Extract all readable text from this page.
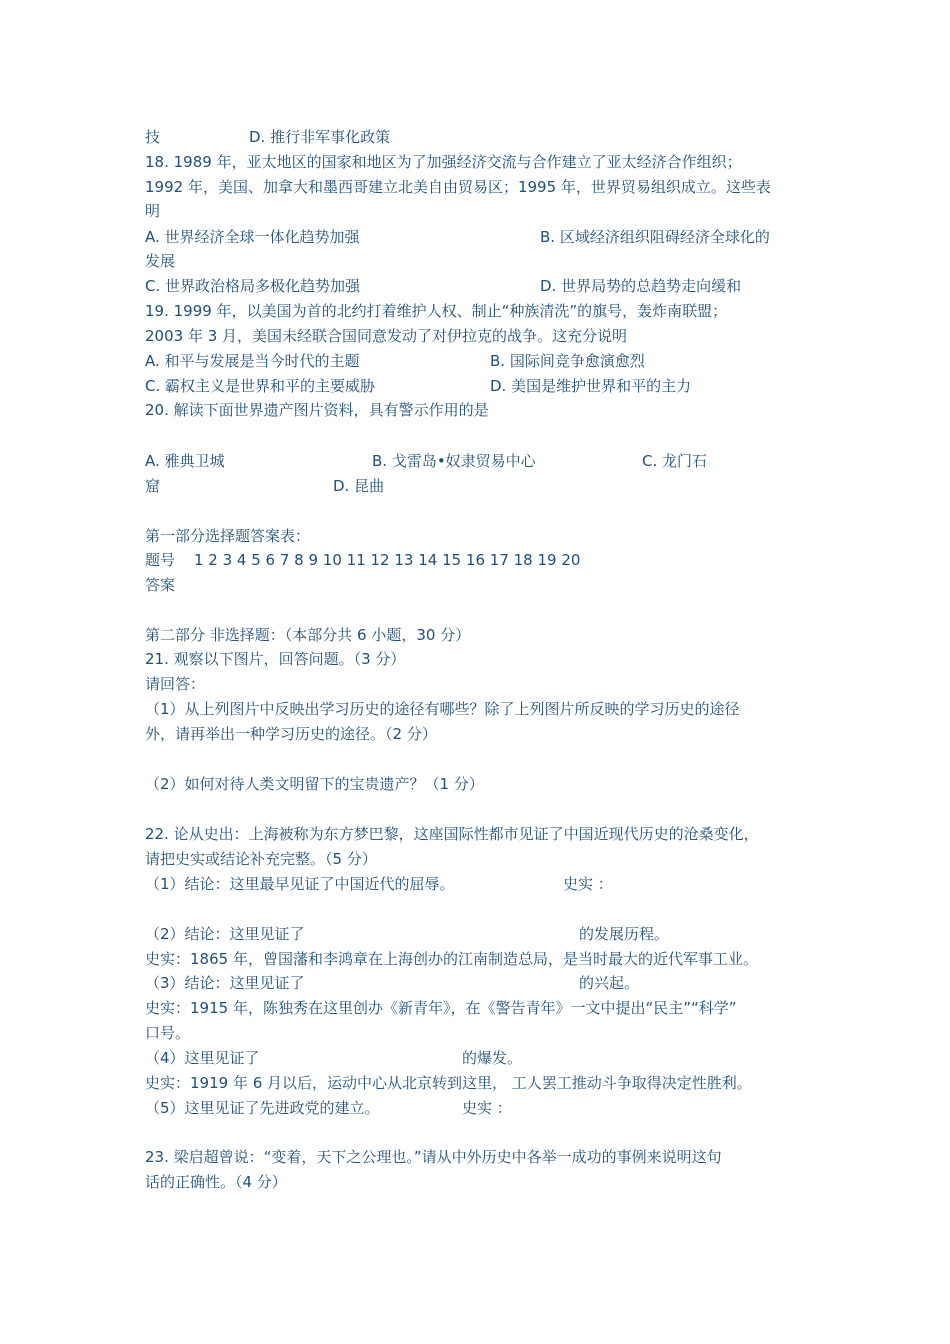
技	D. 推行非军事化政策
18. 1989 年，亚太地区的国家和地区为了加强经济交流与合作建立了亚太经济合作组织；
1992 年，美国、加拿大和墨西哥建立北美自由贸易区；1995 年，世界贸易组织成立。这些表
明
A. 世界经济全球一体化趋势加强	B. 区域经济组织阻碍经济全球化的
发展
C. 世界政治格局多极化趋势加强	D. 世界局势的总趋势走向缓和
19. 1999 年，以美国为首的北约打着维护人权、制止“种族清洗”的旗号，轰炸南联盟；
2003 年 3 月，美国未经联合国同意发动了对伊拉克的战争。这充分说明
A. 和平与发展是当今时代的主题	B. 国际间竞争愈演愈烈
C. 霸权主义是世界和平的主要威胁	D. 美国是维护世界和平的主力
20. 解读下面世界遗产图片资料，具有警示作用的是
A. 雅典卫城	B. 戈雷岛•奴隶贸易中心	C. 龙门石
窟	D. 昆曲
第一部分选择题答案表：
题号 1 2 3 4 5 6 7 8 9 10 11 12 13 14 15 16 17 18 19 20
答案
第二部分 非选择题：（本部分共 6 小题，30 分）
21. 观察以下图片，回答问题。（3 分）
请回答：
（1）从上列图片中反映出学习历史的途径有哪些？除了上列图片所反映的学习历史的途径
外，请再举出一种学习历史的途径。（2 分）
（2）如何对待人类文明留下的宝贵遗产？（1 分）
22. 论从史出：上海被称为东方梦巴黎，这座国际性都市见证了中国近现代历史的沧桑变化，
请把史实或结论补充完整。（5 分）
（1）结论：这里最早见证了中国近代的屈辱。	史实 ：
（2）结论：这里见证了	的发展历程。
史实：1865 年，曾国藩和李鸿章在上海创办的江南制造总局，是当时最大的近代军事工业。
（3）结论：这里见证了	的兴起。
史实：1915 年，陈独秀在这里创办《新青年》，在《警告青年》一文中提出“民主”“科学”
口号。
（4）这里见证了	的爆发。
史实：1919 年 6 月以后，运动中心从北京转到这里， 工人罢工推动斗争取得决定性胜利。
（5）这里见证了先进政党的建立。	史实 ：
23. 梁启超曾说：“变着，天下之公理也。”请从中外历史中各举一成功的事例来说明这句
话的正确性。（4 分）
